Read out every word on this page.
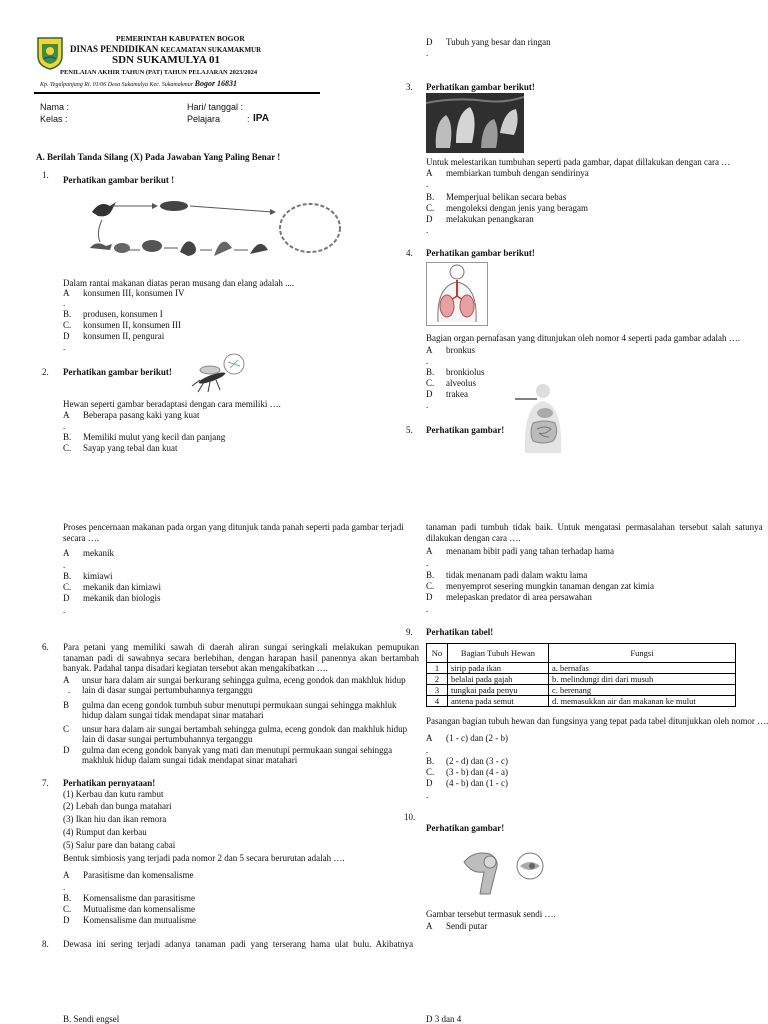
PEMERINTAH KABUPATEN BOGOR
DINAS PENDIDIKAN KECAMATAN SUKAMAKMUR
SDN SUKAMULYA 01
PENILAIAN AKHIR TAHUN (PAT) TAHUN PELAJARAN 2023/2024
Kp. Tegalpanjang Rt. 01/06 Desa Sukamulya Kec. Sukamakmur Bogor 16831
Nama :
Kelas :
Hari/ tanggal :
Pelajara	: IPA
A. Berilah Tanda Silang (X) Pada Jawaban Yang Paling Benar !
1. Perhatikan gambar berikut !
Dalam rantai makanan diatas peran musang dan elang adalah ....
A konsumen III, konsumen IV
.
B. produsen, konsumen I
C. konsumen II, konsumen III
D konsumen II, pengurai
.
2. Perhatikan gambar berikut!
Hewan seperti gambar beradaptasi dengan cara memiliki ….
A Beberapa pasang kaki yang kuat
.
B. Memiliki mulut yang kecil dan panjang
C. Sayap yang tebal dan kuat
Proses pencernaan makanan pada organ yang ditunjuk tanda panah seperti pada gambar terjadi
secara ….
A mekanik
.
B. kimiawi
C. mekanik dan kimiawi
D mekanik dan biologis
.
6. Para petani yang memiliki sawah di daerah aliran sungai seringkali melakukan pemupukan tanaman padi di sawahnya secara berlebihan, dengan harapan hasil panennya akan bertambah banyak. Padahal tanpa disadari kegiatan tersebut akan mengakibatkan ….
A unsur hara dalam air sungai berkurang sehingga gulma, eceng gondok dan makhluk hidup
lain di dasar sungai pertumbuhannya terganggu
.
B gulma dan eceng gondok tumbuh subur menutupi permukaan sungai sehingga makhluk
hidup dalam sungai tidak mendapat sinar matahari
C unsur hara dalam air sungai bertambah sehingga gulma, eceng gondok dan makhluk hidup
lain di dasar sungai pertumbuhannya terganggu
D gulma dan eceng gondok banyak yang mati dan menutupi permukaan sungai sehingga
makhluk hidup dalam sungai tidak mendapat sinar matahari
7. Perhatikan pernyataan!
(1) Kerbau dan kutu rambut
(2) Lebah dan bunga matahari
(3) Ikan hiu dan ikan remora
(4) Rumput dan kerbau
(5) Salur pare dan batang cabai
Bentuk simbiosis yang terjadi pada nomor 2 dan 5 secara berurutan adalah ….
A Parasitisme dan komensalisme
.
B. Komensalisme dan parasitisme
C. Mutualisme dan komensalisme
D Komensalisme dan mutualisme
8. Dewasa ini sering terjadi adanya tanaman padi yang terserang hama ulat bulu. Akibatnya
B. Sendi engsel
D Tubuh yang besar dan ringan
.
3. Perhatikan gambar berikut!
Untuk melestarikan tumbuhan seperti pada gambar, dapat dillakukan dengan cara …
A membiarkan tumbuh dengan sendirinya
.
B. Memperjual belikan secara bebas
C. mengoleksi dengan jenis yang beragam
D melakukan penangkaran
.
4. Perhatikan gambar berikut!
Bagian organ pernafasan yang ditunjukan oleh nomor 4 seperti pada gambar adalah ….
A bronkus
.
B. bronkiolus
C. alveolus
D trakea
.
5. Perhatikan gambar!
tanaman padi tumbuh tidak baik. Untuk mengatasi permasalahan tersebut salah satunya
dilakukan dengan cara ….
A menanam bibit padi yang tahan terhadap hama
.
B. tidak menanam padi dalam waktu lama
C. menyemprot sesering mungkin tanaman dengan zat kimia
D melepaskan predator di area persawahan
.
9. Perhatikan tabel!
No	Bagian Tubuh Hewan	Fungsi
1	sirip pada ikan	a. bernafas
2	belalai pada gajah	b. melindungi diri dari musuh
3	tungkai pada penyu	c. berenang
4	antena pada semut	d. memasukkan air dan makanan ke mulut
Pasangan bagian tubuh hewan dan fungsinya yang tepat pada tabel ditunjukkan oleh nomor ….
A (1 - c) dan (2 - b)
.
B. (2 - d) dan (3 - c)
C. (3 - b) dan (4 - a)
D (4 - b) dan (1 - c)
.
10.
Perhatikan gambar!
Gambar tersebut termasuk sendi ….
A Sendi putar
D 3 dan 4
